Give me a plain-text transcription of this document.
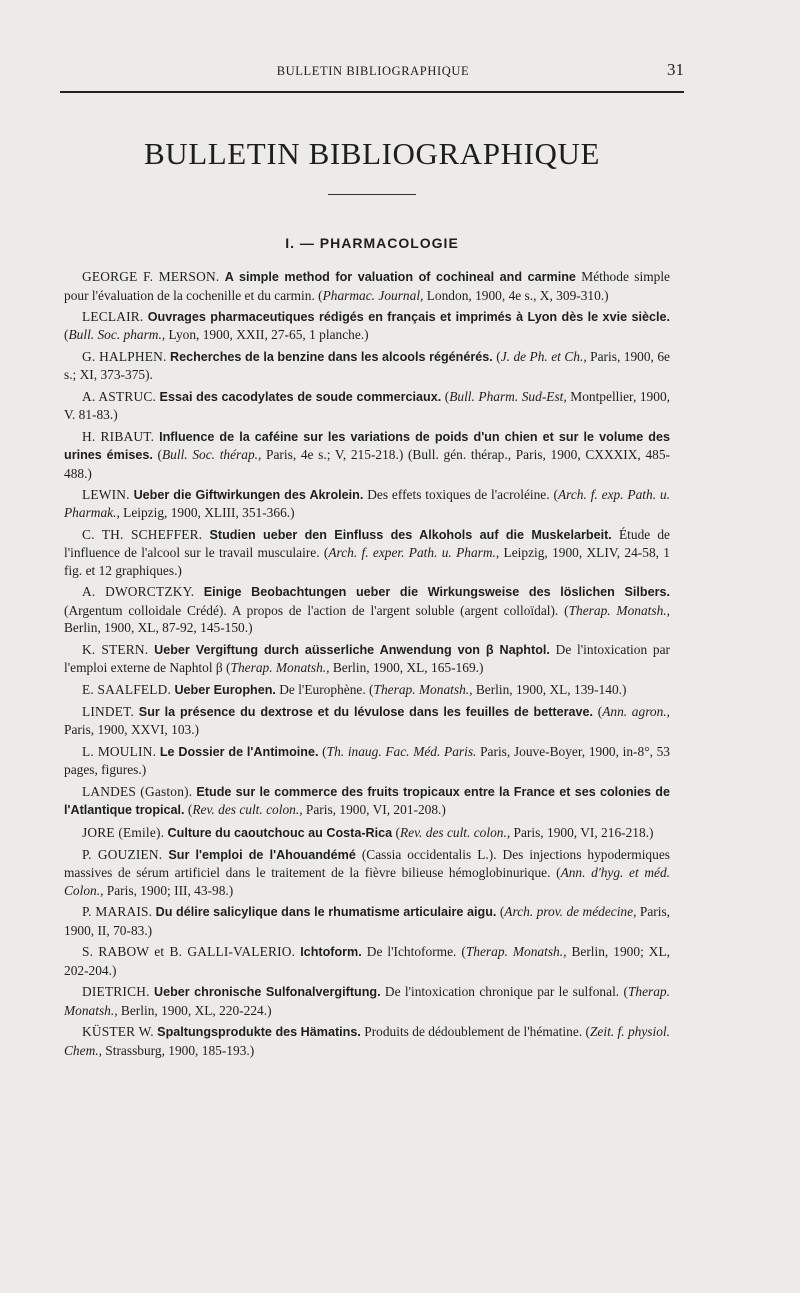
BULLETIN BIBLIOGRAPHIQUE	31
BULLETIN BIBLIOGRAPHIQUE
I. — PHARMACOLOGIE

GEORGE F. MERSON. A simple method for valuation of cochineal and carmine Méthode simple pour l'évaluation de la cochenille et du carmin. (Pharmac. Journal, London, 1900, 4e s., X, 309-310.)

LECLAIR. Ouvrages pharmaceutiques rédigés en français et imprimés à Lyon dès le xvie siècle. (Bull. Soc. pharm., Lyon, 1900, XXII, 27-65, 1 planche.)

G. HALPHEN. Recherches de la benzine dans les alcools régénérés. (J. de Ph. et Ch., Paris, 1900, 6e s.; XI, 373-375).

A. ASTRUC. Essai des cacodylates de soude commerciaux. (Bull. Pharm. Sud-Est, Montpellier, 1900, V. 81-83.)

H. RIBAUT. Influence de la caféine sur les variations de poids d'un chien et sur le volume des urines émises. (Bull. Soc. thérap., Paris, 4e s.; V, 215-218.) (Bull. gén. thérap., Paris, 1900, CXXXIX, 485-488.)

LEWIN. Ueber die Giftwirkungen des Akrolein. Des effets toxiques de l'acroléine. (Arch. f. exp. Path. u. Pharmak., Leipzig, 1900, XLIII, 351-366.)

C. TH. SCHEFFER. Studien ueber den Einfluss des Alkohols auf die Muskelarbeit. Étude de l'influence de l'alcool sur le travail musculaire. (Arch. f. exper. Path. u. Pharm., Leipzig, 1900, XLIV, 24-58, 1 fig. et 12 graphiques.)

A. DWORCTZKY. Einige Beobachtungen ueber die Wirkungsweise des löslichen Silbers. (Argentum colloidale Crédé). A propos de l'action de l'argent soluble (argent colloïdal). (Therap. Monatsh., Berlin, 1900, XL, 87-92, 145-150.)

K. STERN. Ueber Vergiftung durch aüsserliche Anwendung von β Naphtol. De l'intoxication par l'emploi externe de Naphtol β (Therap. Monatsh., Berlin, 1900, XL, 165-169.)

E. SAALFELD. Ueber Europhen. De l'Europhène. (Therap. Monatsh., Berlin, 1900, XL, 139-140.)

LINDET. Sur la présence du dextrose et du lévulose dans les feuilles de betterave. (Ann. agron., Paris, 1900, XXVI, 103.)

L. MOULIN. Le Dossier de l'Antimoine. (Th. inaug. Fac. Méd. Paris. Paris, Jouve-Boyer, 1900, in-8°, 53 pages, figures.)

LANDES (Gaston). Etude sur le commerce des fruits tropicaux entre la France et ses colonies de l'Atlantique tropical. (Rev. des cult. colon., Paris, 1900, VI, 201-208.)

JORE (Emile). Culture du caoutchouc au Costa-Rica (Rev. des cult. colon., Paris, 1900, VI, 216-218.)

P. GOUZIEN. Sur l'emploi de l'Ahouandémé (Cassia occidentalis L.). Des injections hypodermiques massives de sérum artificiel dans le traitement de la fièvre bilieuse hémoglobinurique. (Ann. d'hyg. et méd. Colon., Paris, 1900; III, 43-98.)

P. MARAIS. Du délire salicylique dans le rhumatisme articulaire aigu. (Arch. prov. de médecine, Paris, 1900, II, 70-83.)

S. RABOW et B. GALLI-VALERIO. Ichtoform. De l'Ichtoforme. (Therap. Monatsh., Berlin, 1900; XL, 202-204.)

DIETRICH. Ueber chronische Sulfonalvergiftung. De l'intoxication chronique par le sulfonal. (Therap. Monatsh., Berlin, 1900, XL, 220-224.)

KÜSTER W. Spaltungsprodukte des Hämatins. Produits de dédoublement de l'hématine. (Zeit. f. physiol. Chem., Strassburg, 1900, 185-193.)
